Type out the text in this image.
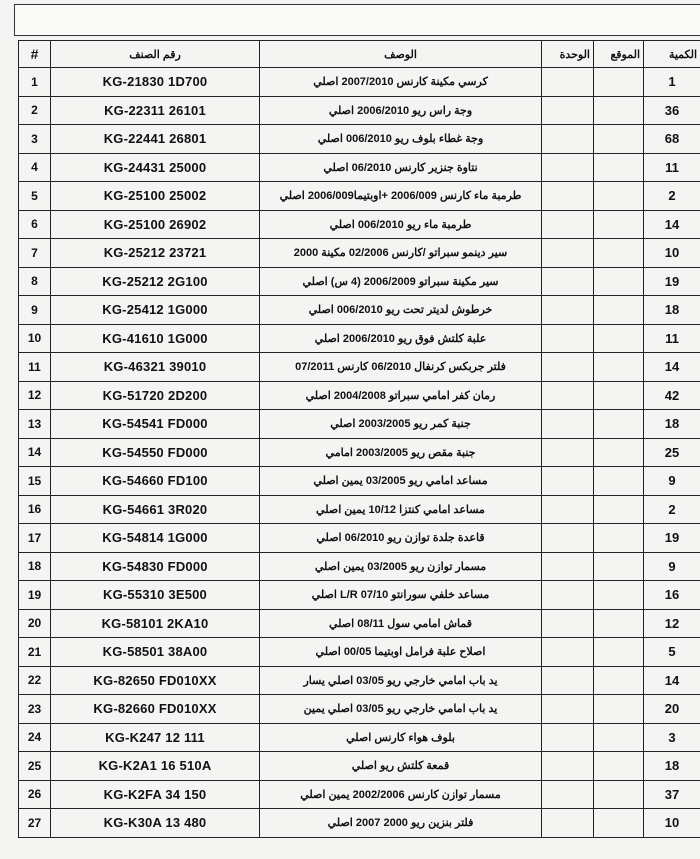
#	رقم الصنف	الوصف	الوحدة	الموقع	الكمية
1	KG-21830 1D700	كرسي مكينة كارنس 2007/2010 اصلي			1
2	KG-22311 26101	وجة راس ريو 2006/2010 اصلي			36
3	KG-22441 26801	وجة غطاء بلوف ريو 006/2010 اصلي			68
4	KG-24431 25000	نتاوة جنزير كارنس 06/2010 اصلي			11
5	KG-25100 25002	طرمبة ماء كارنس 2006/009 +اوبتيما2006/009 اصلي			2
6	KG-25100 26902	طرمبة ماء ريو 006/2010 اصلي			14
7	KG-25212 23721	سير دينمو سبراتو /كارنس 02/2006 مكينة 2000			10
8	KG-25212 2G100	سير مكينة سبراتو 2006/2009 (4 س) اصلي			19
9	KG-25412 1G000	خرطوش لديتر تحت ريو 006/2010 اصلي			18
10	KG-41610 1G000	علبة كلتش فوق ريو 2006/2010 اصلي			11
11	KG-46321 39010	فلتر جربكس كرنفال 06/2010 كارنس 07/2011			14
12	KG-51720 2D200	رمان كفر امامي سبراتو 2004/2008 اصلي			42
13	KG-54541 FD000	جنبة كمر ريو 2003/2005 اصلي			18
14	KG-54550 FD000	جنبة مقص ريو 2003/2005 امامي			25
15	KG-54660 FD100	مساعد امامي ريو 03/2005 يمين اصلي			9
16	KG-54661 3R020	مساعد امامي كنتزا 10/12 يمين اصلي			2
17	KG-54814 1G000	قاعدة جلدة توازن ريو 06/2010 اصلي			19
18	KG-54830 FD000	مسمار توازن ريو 03/2005 يمين اصلي			9
19	KG-55310 3E500	مساعد خلفي سورانتو L/R 07/10 اصلي			16
20	KG-58101 2KA10	قماش امامي سول 08/11 اصلي			12
21	KG-58501 38A00	اصلاح علبة فرامل اوبتيما 00/05 اصلي			5
22	KG-82650 FD010XX	يد باب امامي خارجي ريو 03/05 اصلي يسار			14
23	KG-82660 FD010XX	يد باب امامي خارجي ريو 03/05 اصلي يمين			20
24	KG-K247 12 111	بلوف هواء كارنس اصلي			3
25	KG-K2A1 16 510A	قمعة كلتش ريو اصلي			18
26	KG-K2FA 34 150	مسمار توازن كارنس 2002/2006 يمين اصلي			37
27	KG-K30A 13 480	فلتر بنزين ريو 2000 2007 اصلي			10
